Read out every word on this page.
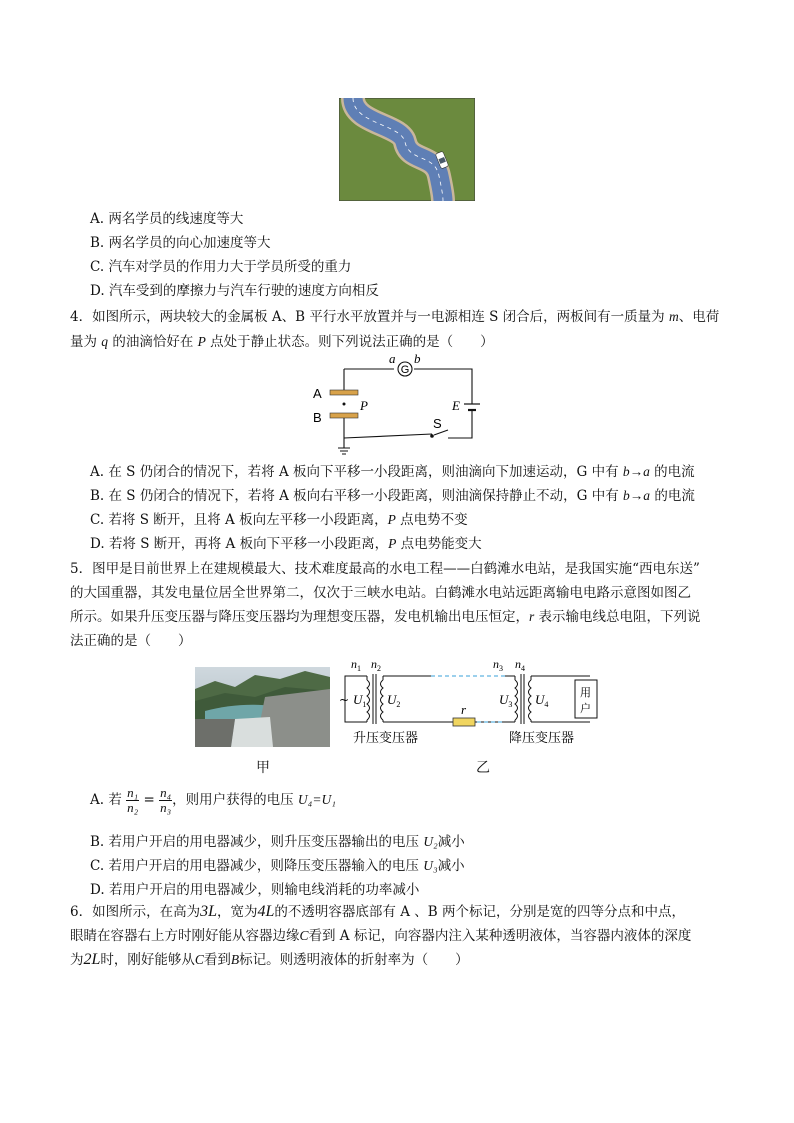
A. 两名学员的线速度等大
B. 两名学员的向心加速度等大
C. 汽车对学员的作用力大于学员所受的重力
D. 汽车受到的摩擦力与汽车行驶的速度方向相反
4．如图所示，两块较大的金属板 A、B 平行水平放置并与一电源相连 S 闭合后，两板间有一质量为 m、电荷
量为 q 的油滴恰好在 P 点处于静止状态。则下列说法正确的是（　　）
G
a b
A
B
P	E
S
A. 在 S 仍闭合的情况下，若将 A 板向下平移一小段距离，则油滴向下加速运动，G 中有 b→a 的电流
B. 在 S 仍闭合的情况下，若将 A 板向右平移一小段距离，则油滴保持静止不动，G 中有 b→a 的电流
C. 若将 S 断开，且将 A 板向左平移一小段距离，P 点电势不变
D. 若将 S 断开，再将 A 板向下平移一小段距离，P 点电势能变大
5．图甲是目前世界上在建规模最大、技术难度最高的水电工程——白鹤滩水电站，是我国实施“西电东送”
的大国重器，其发电量位居全世界第二，仅次于三峡水电站。白鹤滩水电站远距离输电电路示意图如图乙
所示。如果升压变压器与降压变压器均为理想变压器，发电机输出电压恒定，r 表示输电线总电阻，下列说
法正确的是（　　）
甲	乙
~
$n_1$ $n_2$	$n_3$ $n_4$
$U_1$ $U_2$	$U_3$ $U_4$
r
用
户
升压变压器	降压变压器
A. 若 $\frac{\text{n₁}}{\text{n₂}} = \frac{\text{n₄}}{\text{n₃}}$ ，则用户获得的电压 U₄=U₁
B. 若用户开启的用电器减少，则升压变压器输出的电压 U₂减小
C. 若用户开启的用电器减少，则降压变压器输入的电压 U₃减小
D. 若用户开启的用电器减少，则输电线消耗的功率减小
6．如图所示，在高为3L，宽为4L的不透明容器底部有 A 、B 两个标记，分别是宽的四等分点和中点，
眼睛在容器右上方时刚好能从容器边缘C看到 A 标记，向容器内注入某种透明液体，当容器内液体的深度
为2L时，刚好能够从C看到B标记。则透明液体的折射率为（　　）
